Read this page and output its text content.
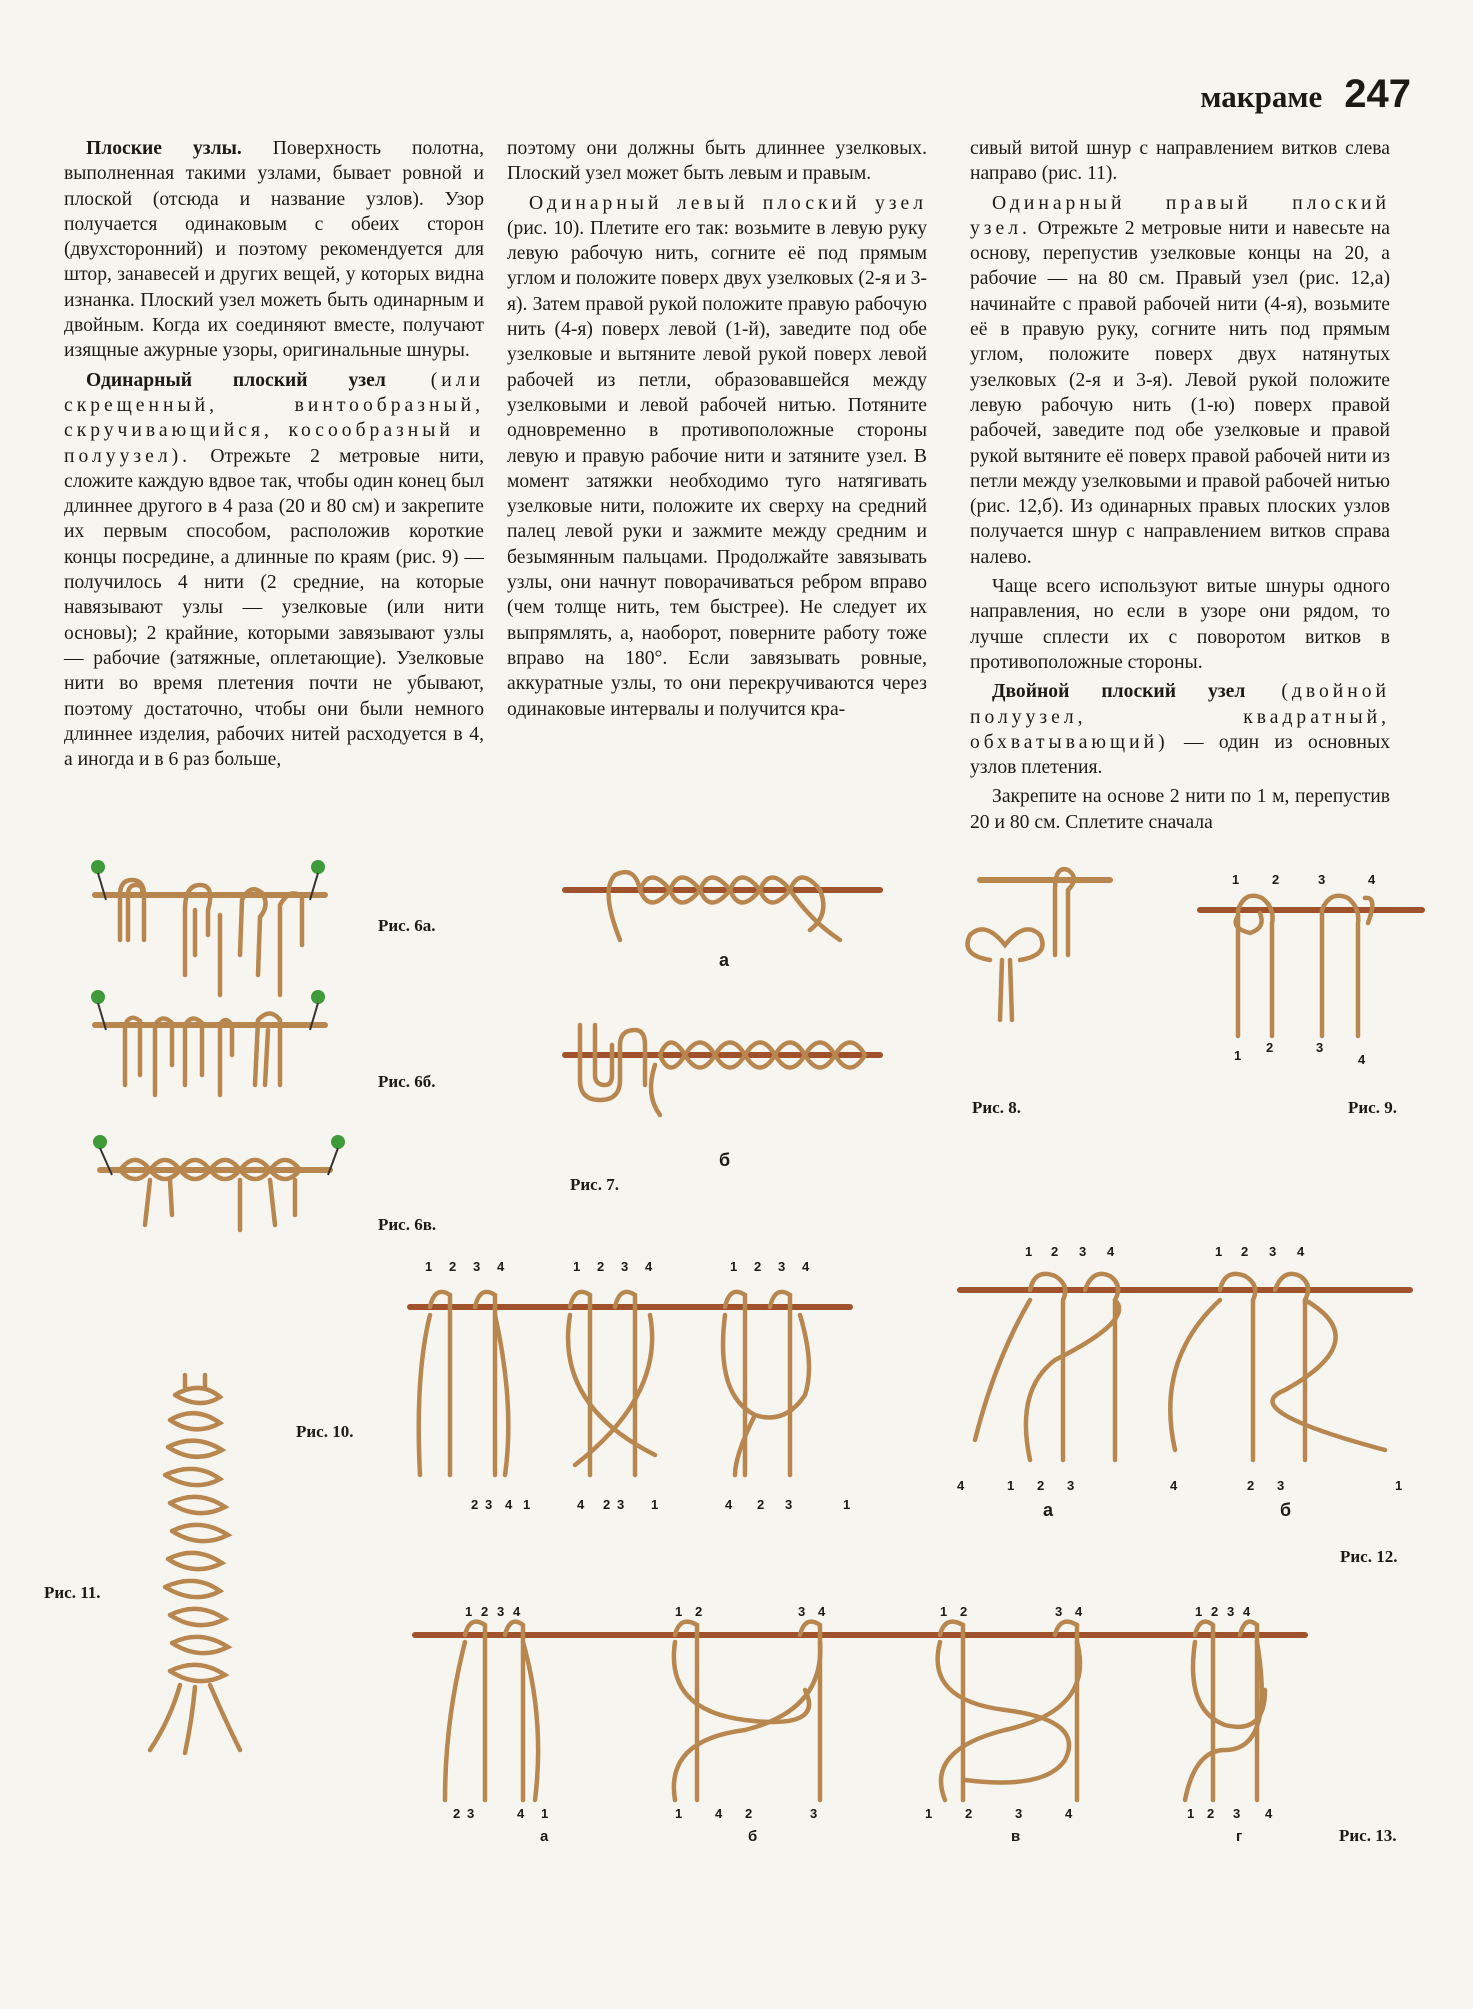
макраме 247

Плоские узлы. Поверхность полотна, выполненная такими узлами, бывает ровной и плоской (отсюда и название узлов). Узор получается одинаковым с обеих сторон (двухсторонний) и поэтому рекомендуется для штор, занавесей и других вещей, у которых видна изнанка. Плоский узел можеть быть одинарным и двойным. Когда их соединяют вместе, получают изящные ажурные узоры, оригинальные шнуры.

Одинарный плоский узел (или скрещенный, винтообразный, скручивающийся, косообразный и полуузел). Отрежьте 2 метровые нити, сложите каждую вдвое так, чтобы один конец был длиннее другого в 4 раза (20 и 80 см) и закрепите их первым способом, расположив короткие концы посредине, а длинные по краям (рис. 9) — получилось 4 нити (2 средние, на которые навязывают узлы — узелковые (или нити основы); 2 крайние, которыми завязывают узлы — рабочие (затяжные, оплетающие). Узелковые нити во время плетения почти не убывают, поэтому достаточно, чтобы они были немного длиннее изделия, рабочих нитей расходуется в 4, а иногда и в 6 раз больше,

поэтому они должны быть длиннее узелковых. Плоский узел может быть левым и правым.

Одинарный левый плоский узел (рис. 10). Плетите его так: возьмите в левую руку левую рабочую нить, согните её под прямым углом и положите поверх двух узелковых (2-я и 3-я). Затем правой рукой положите правую рабочую нить (4-я) поверх левой (1-й), заведите под обе узелковые и вытяните левой рукой поверх левой рабочей из петли, образовавшейся между узелковыми и левой рабочей нитью. Потяните одновременно в противоположные стороны левую и правую рабочие нити и затяните узел. В момент затяжки необходимо туго натягивать узелковые нити, положите их сверху на средний палец левой руки и зажмите между средним и безымянным пальцами. Продолжайте завязывать узлы, они начнут поворачиваться ребром вправо (чем толще нить, тем быстрее). Не следует их выпрямлять, а, наоборот, поверните работу тоже вправо на 180°. Если завязывать ровные, аккуратные узлы, то они перекручиваются через одинаковые интервалы и получится кра-

сивый витой шнур с направлением витков слева направо (рис. 11).

Одинарный правый плоский узел. Отрежьте 2 метровые нити и навесьте на основу, перепустив узелковые концы на 20, а рабочие — на 80 см. Правый узел (рис. 12,а) начинайте с правой рабочей нити (4-я), возьмите её в правую руку, согните нить под прямым углом, положите поверх двух натянутых узелковых (2-я и 3-я). Левой рукой положите левую рабочую нить (1-ю) поверх правой рабочей, заведите под обе узелковые и правой рукой вытяните её поверх правой рабочей нити из петли между узелковыми и правой рабочей нитью (рис. 12,б). Из одинарных правых плоских узлов получается шнур с направлением витков справа налево.

Чаще всего используют витые шнуры одного направления, но если в узоре они рядом, то лучше сплести их с поворотом витков в противоположные стороны.

Двойной плоский узел (двойной полуузел, квадратный, обхватывающий) — один из основных узлов плетения.

Закрепите на основе 2 нити по 1 м, перепустив 20 и 80 см. Сплетите сначала

Рис. 6а.
Рис. 6б.
Рис. 6в.
а
б
Рис. 7.
Рис. 8.
1	2	3	4
1
2	3
4
Рис. 9.
1 2 3 4	1 2 3 4	1 2 3 4
2 3 4 1	4 2 3 1	4 2 3	1
Рис. 10.
Рис. 11.
1 2 3 4	1 2 3 4
4	1 2 3	4	2 3	1
а	б
Рис. 12.
1 2 3 4	1 2	3 4	1 2	3 4	1 2 3 4
2 3	4 1	1	4 2	3	1	2	3	4	1 2 3 4
а	б	в	г	Рис. 13.
